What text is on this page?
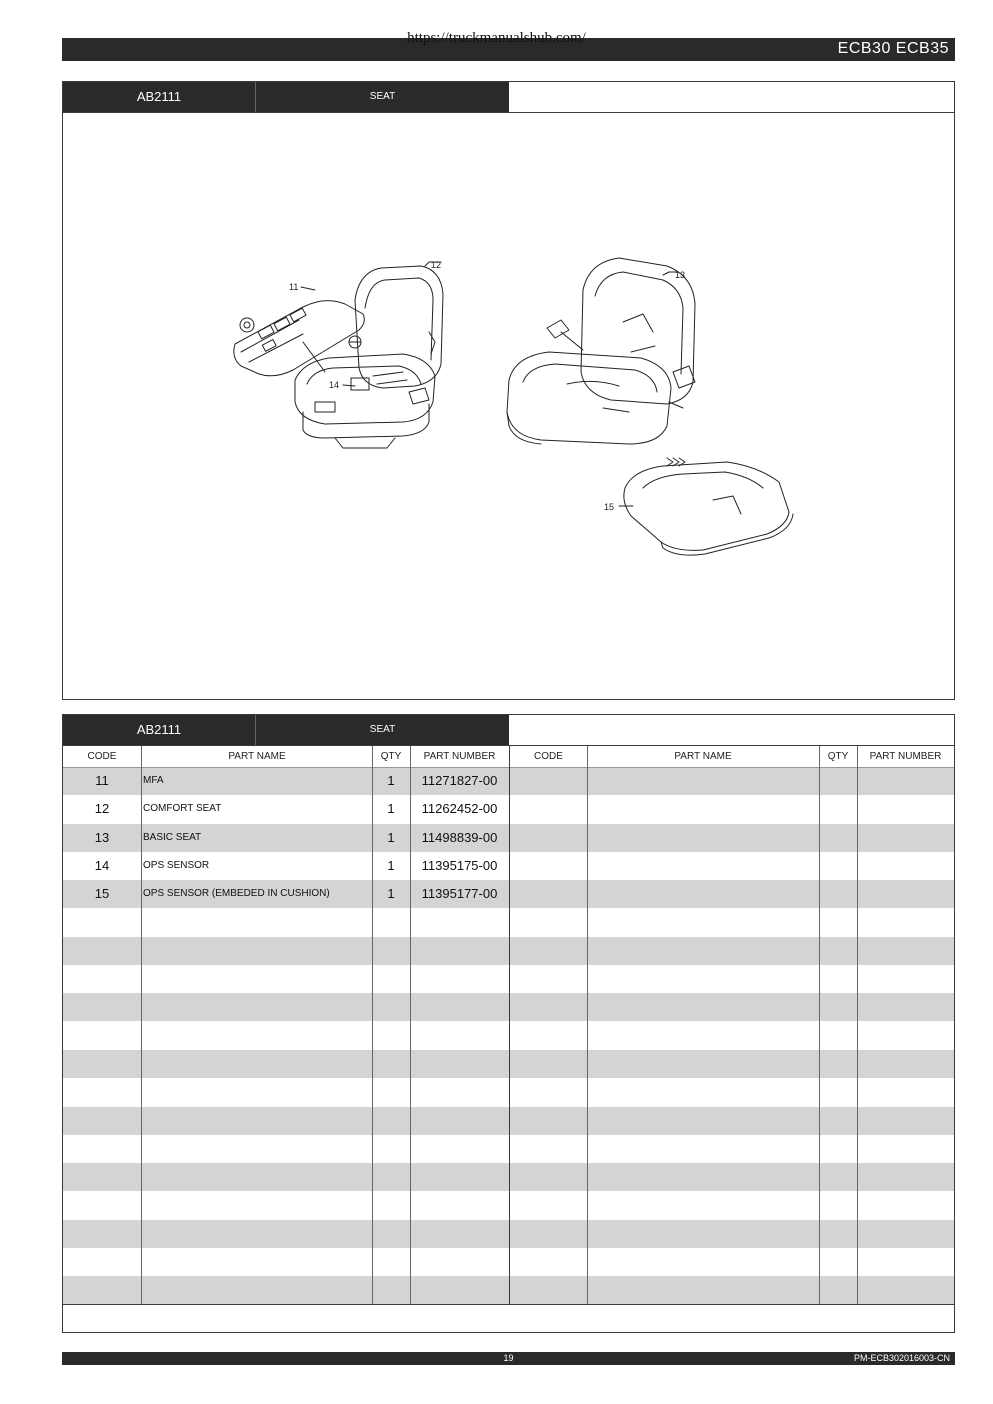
https://truckmanualshub.com/
ECB30 ECB35
AB2111	SEAT
11
12
13
14
15
AB2111	SEAT
CODE	PART NAME	QTY	PART NUMBER	CODE	PART NAME	QTY	PART NUMBER
11	MFA	1	11271827-00
12	COMFORT SEAT	1	11262452-00
13	BASIC SEAT	1	11498839-00
14	OPS SENSOR	1	11395175-00
15	OPS SENSOR (EMBEDED IN CUSHION)	1	11395177-00
19	PM-ECB302016003-CN
